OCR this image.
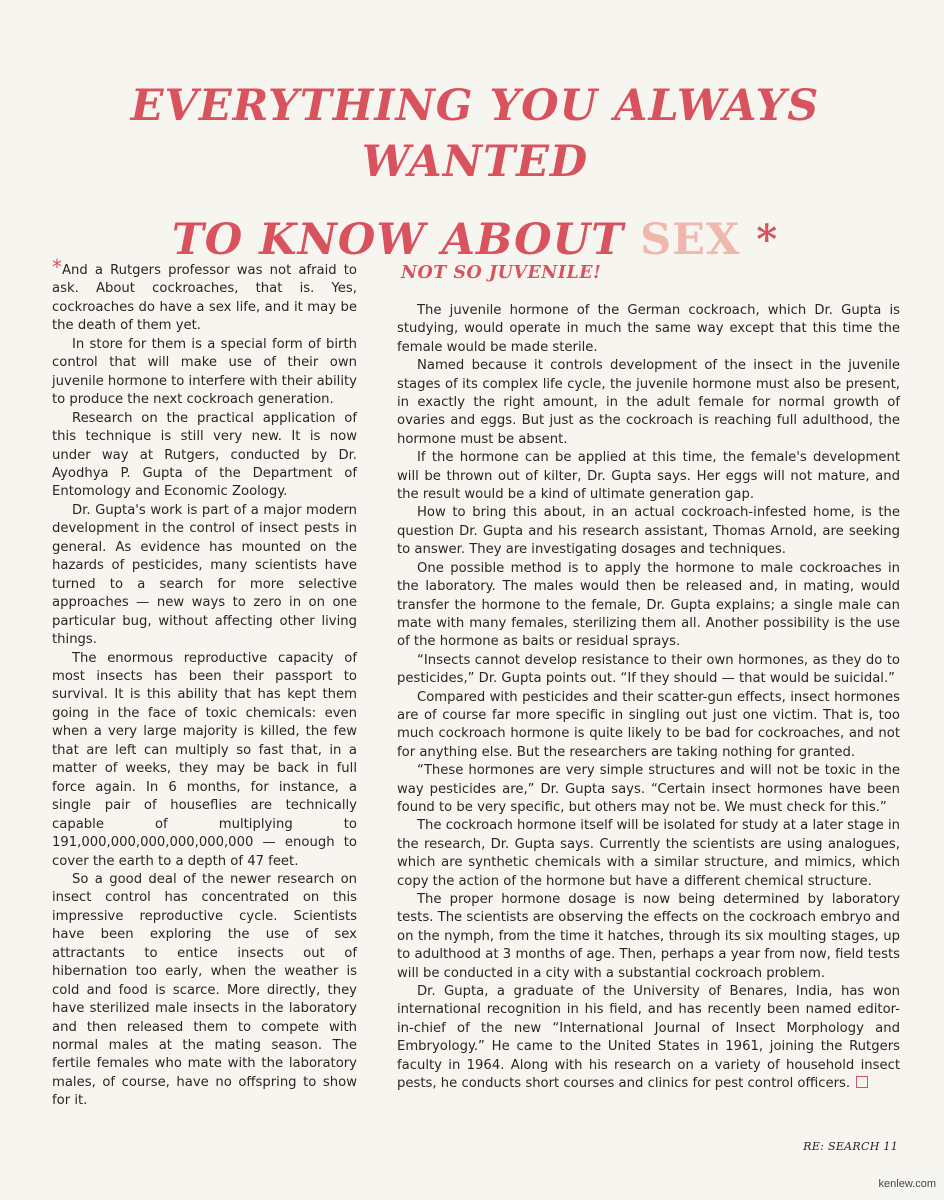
EVERYTHING YOU ALWAYS WANTED
TO KNOW ABOUT SEX *

*And a Rutgers professor was not afraid to ask. About cockroaches, that is. Yes, cockroaches do have a sex life, and it may be the death of them yet.

In store for them is a special form of birth control that will make use of their own juvenile hormone to interfere with their ability to produce the next cockroach generation.

Research on the practical application of this technique is still very new. It is now under way at Rutgers, conducted by Dr. Ayodhya P. Gupta of the Department of Entomology and Economic Zoology.

Dr. Gupta's work is part of a major modern development in the control of insect pests in general. As evidence has mounted on the hazards of pesticides, many scientists have turned to a search for more selective approaches — new ways to zero in on one particular bug, without affecting other living things.

The enormous reproductive capacity of most insects has been their passport to survival. It is this ability that has kept them going in the face of toxic chemicals: even when a very large majority is killed, the few that are left can multiply so fast that, in a matter of weeks, they may be back in full force again. In 6 months, for instance, a single pair of houseflies are technically capable of multiplying to 191,000,000,000,000,000,000 — enough to cover the earth to a depth of 47 feet.

So a good deal of the newer research on insect control has concentrated on this impressive reproductive cycle. Scientists have been exploring the use of sex attractants to entice insects out of hibernation too early, when the weather is cold and food is scarce. More directly, they have sterilized male insects in the laboratory and then released them to compete with normal males at the mating season. The fertile females who mate with the laboratory males, of course, have no offspring to show for it.

NOT SO JUVENILE!

The juvenile hormone of the German cockroach, which Dr. Gupta is studying, would operate in much the same way except that this time the female would be made sterile.

Named because it controls development of the insect in the juvenile stages of its complex life cycle, the juvenile hormone must also be present, in exactly the right amount, in the adult female for normal growth of ovaries and eggs. But just as the cockroach is reaching full adulthood, the hormone must be absent.

If the hormone can be applied at this time, the female's development will be thrown out of kilter, Dr. Gupta says. Her eggs will not mature, and the result would be a kind of ultimate generation gap.

How to bring this about, in an actual cockroach-infested home, is the question Dr. Gupta and his research assistant, Thomas Arnold, are seeking to answer. They are investigating dosages and techniques.

One possible method is to apply the hormone to male cockroaches in the laboratory. The males would then be released and, in mating, would transfer the hormone to the female, Dr. Gupta explains; a single male can mate with many females, sterilizing them all. Another possibility is the use of the hormone as baits or residual sprays.

“Insects cannot develop resistance to their own hormones, as they do to pesticides,” Dr. Gupta points out. “If they should — that would be suicidal.”

Compared with pesticides and their scatter-gun effects, insect hormones are of course far more specific in singling out just one victim. That is, too much cockroach hormone is quite likely to be bad for cockroaches, and not for anything else. But the researchers are taking nothing for granted.

“These hormones are very simple structures and will not be toxic in the way pesticides are,” Dr. Gupta says. “Certain insect hormones have been found to be very specific, but others may not be. We must check for this.”

The cockroach hormone itself will be isolated for study at a later stage in the research, Dr. Gupta says. Currently the scientists are using analogues, which are synthetic chemicals with a similar structure, and mimics, which copy the action of the hormone but have a different chemical structure.

The proper hormone dosage is now being determined by laboratory tests. The scientists are observing the effects on the cockroach embryo and on the nymph, from the time it hatches, through its six moulting stages, up to adulthood at 3 months of age. Then, perhaps a year from now, field tests will be conducted in a city with a substantial cockroach problem.

Dr. Gupta, a graduate of the University of Benares, India, has won international recognition in his field, and has recently been named editor-in-chief of the new “International Journal of Insect Morphology and Embryology.” He came to the United States in 1961, joining the Rutgers faculty in 1964. Along with his research on a variety of household insect pests, he conducts short courses and clinics for pest control officers.

RE: SEARCH 11
kenlew.com
